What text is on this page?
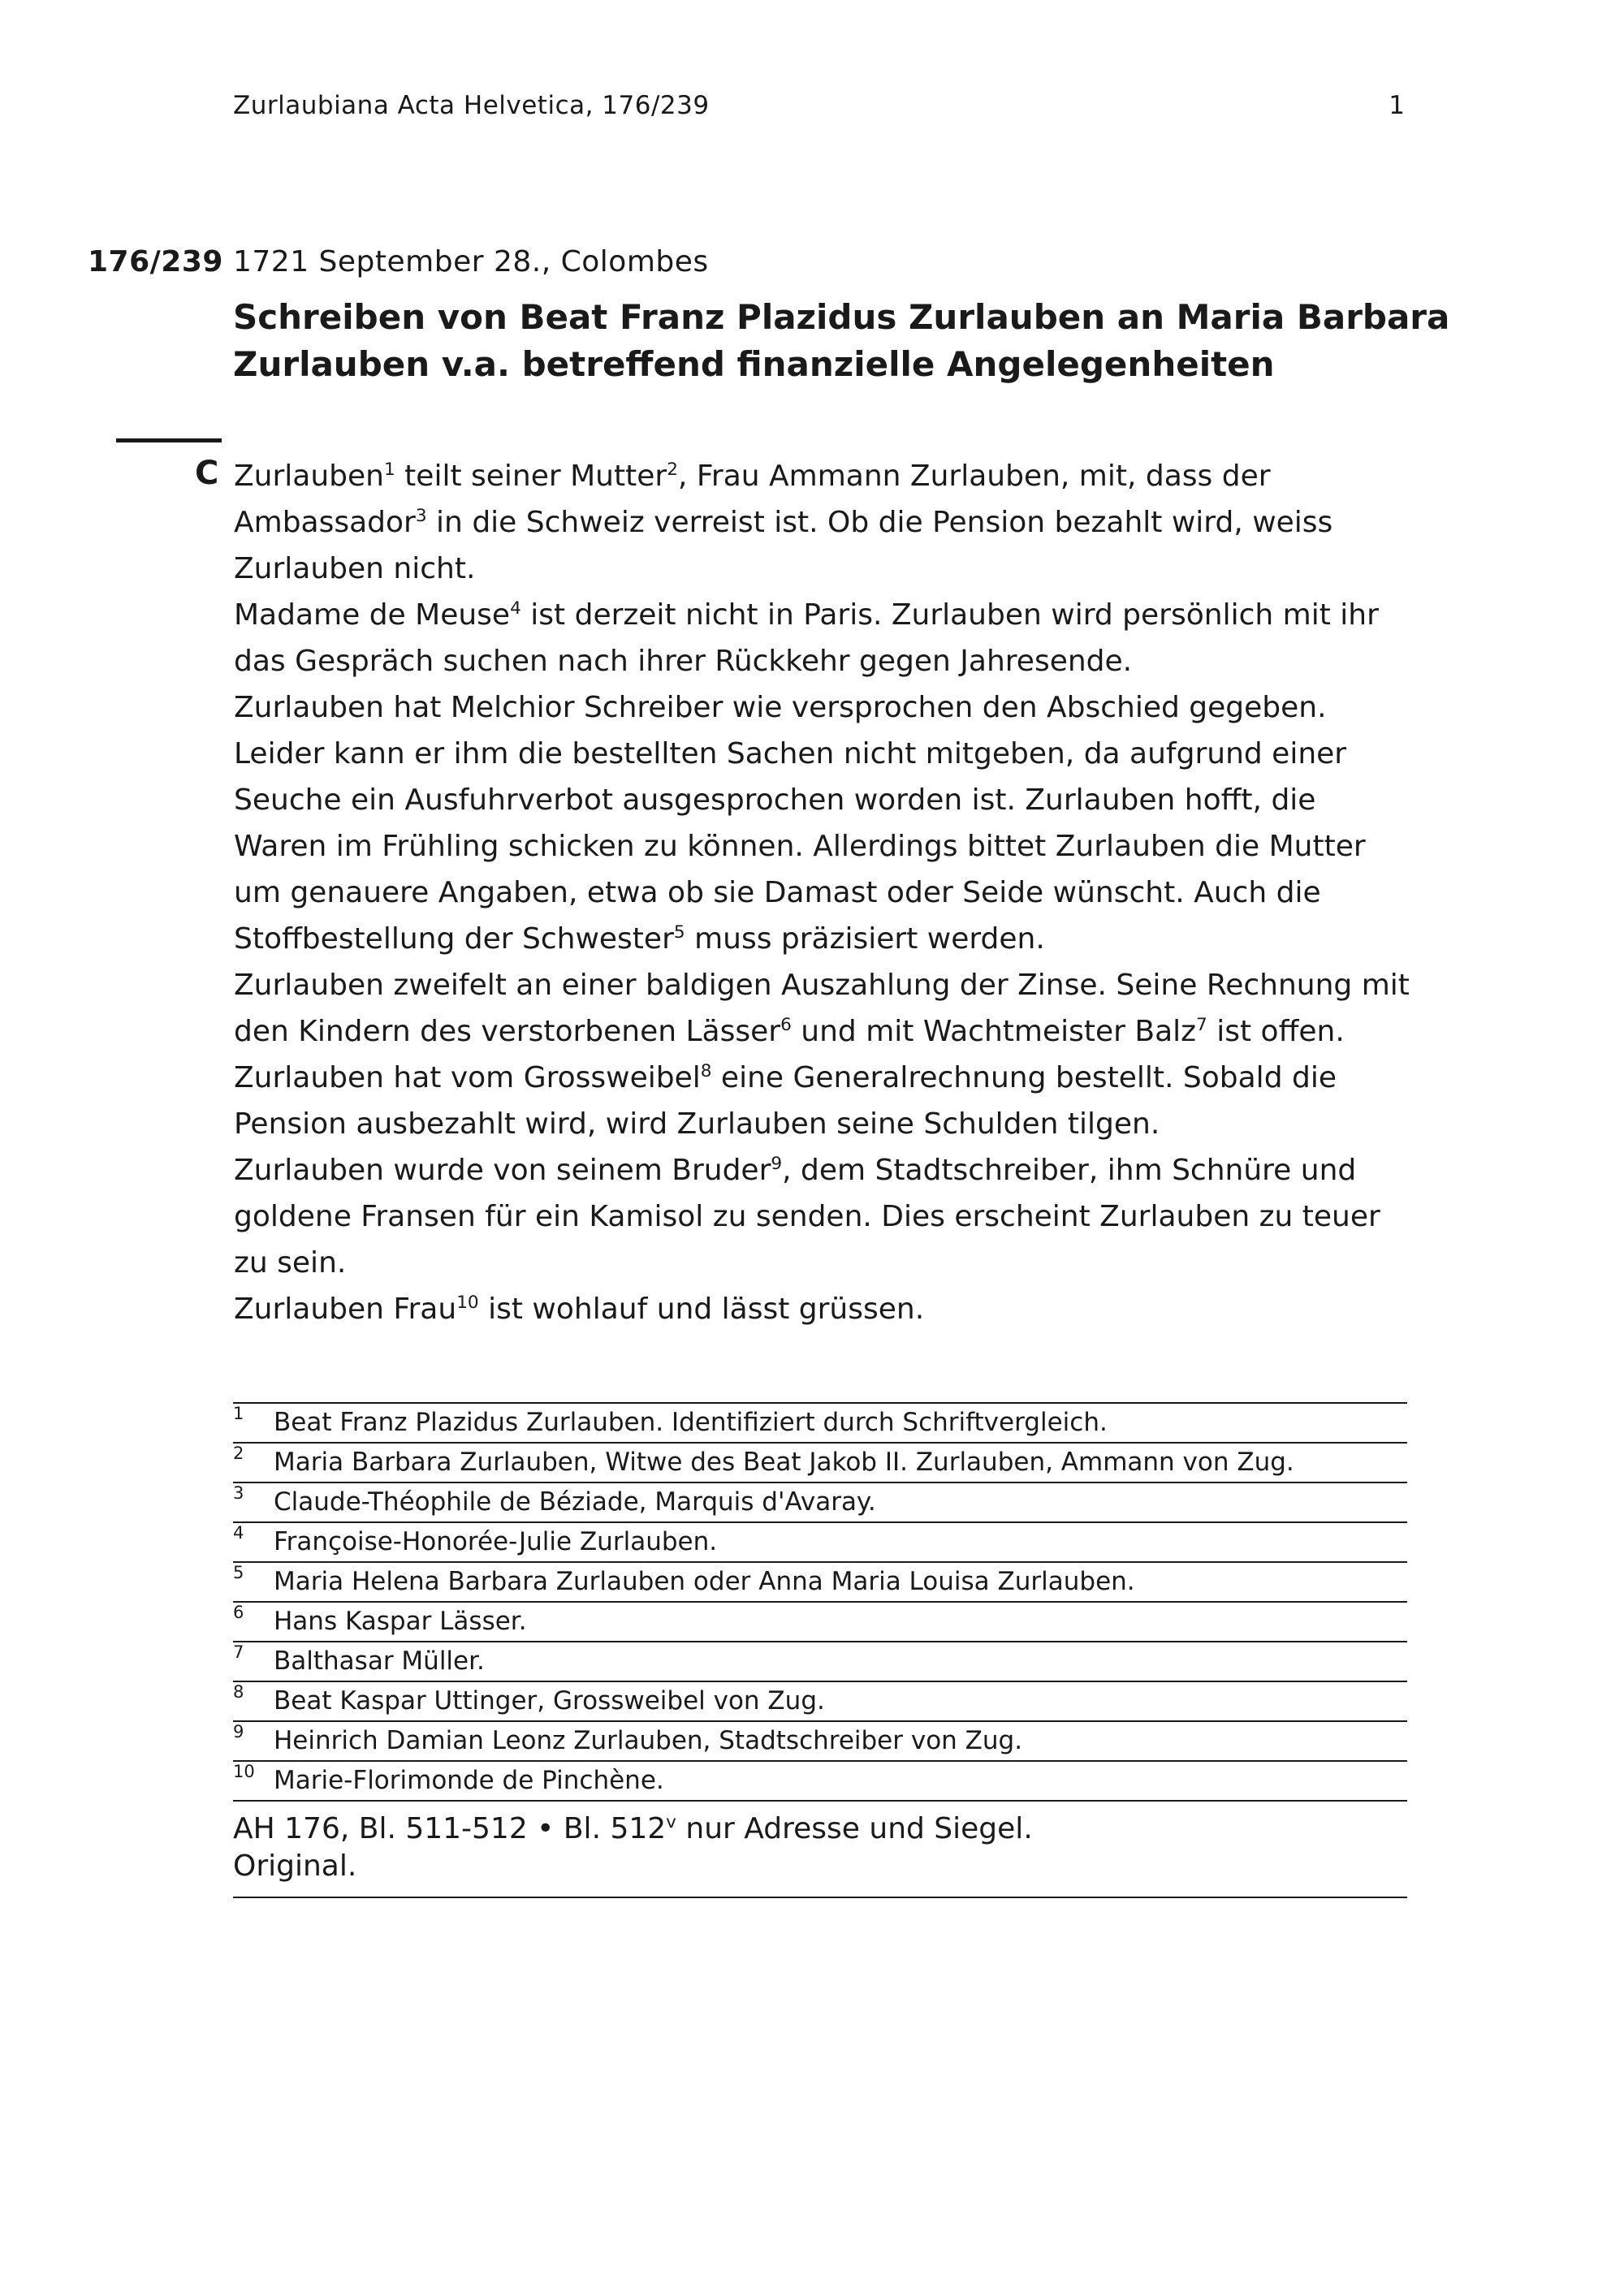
Zurlaubiana Acta Helvetica, 176/239	1
176/239 1721 September 28., Colombes
Schreiben von Beat Franz Plazidus Zurlauben an Maria Barbara
Zurlauben v.a. betreffend finanzielle Angelegenheiten
C Zurlauben$^1$ teilt seiner Mutter$^2$, Frau Ammann Zurlauben, mit, dass der
Ambassador$^3$ in die Schweiz verreist ist. Ob die Pension bezahlt wird, weiss
Zurlauben nicht.
Madame de Meuse$^4$ ist derzeit nicht in Paris. Zurlauben wird persönlich mit ihr
das Gespräch suchen nach ihrer Rückkehr gegen Jahresende.
Zurlauben hat Melchior Schreiber wie versprochen den Abschied gegeben.
Leider kann er ihm die bestellten Sachen nicht mitgeben, da aufgrund einer
Seuche ein Ausfuhrverbot ausgesprochen worden ist. Zurlauben hofft, die
Waren im Frühling schicken zu können. Allerdings bittet Zurlauben die Mutter
um genauere Angaben, etwa ob sie Damast oder Seide wünscht. Auch die
Stoffbestellung der Schwester$^5$ muss präzisiert werden.
Zurlauben zweifelt an einer baldigen Auszahlung der Zinse. Seine Rechnung mit
den Kindern des verstorbenen Lässer$^6$ und mit Wachtmeister Balz$^7$ ist offen.
Zurlauben hat vom Grossweibel$^8$ eine Generalrechnung bestellt. Sobald die
Pension ausbezahlt wird, wird Zurlauben seine Schulden tilgen.
Zurlauben wurde von seinem Bruder$^9$, dem Stadtschreiber, ihm Schnüre und
goldene Fransen für ein Kamisol zu senden. Dies erscheint Zurlauben zu teuer
zu sein.
Zurlauben Frau$^{10}$ ist wohlauf und lässt grüssen.
1 Beat Franz Plazidus Zurlauben. Identifiziert durch Schriftvergleich.
2 Maria Barbara Zurlauben, Witwe des Beat Jakob II. Zurlauben, Ammann von Zug.
3 Claude-Théophile de Béziade, Marquis d'Avaray.
4 Françoise-Honorée-Julie Zurlauben.
5 Maria Helena Barbara Zurlauben oder Anna Maria Louisa Zurlauben.
6 Hans Kaspar Lässer.
7 Balthasar Müller.
8 Beat Kaspar Uttinger, Grossweibel von Zug.
9 Heinrich Damian Leonz Zurlauben, Stadtschreiber von Zug.
10 Marie-Florimonde de Pinchène.
AH 176, Bl. 511-512 • Bl. 512$^v$ nur Adresse und Siegel.
Original.
